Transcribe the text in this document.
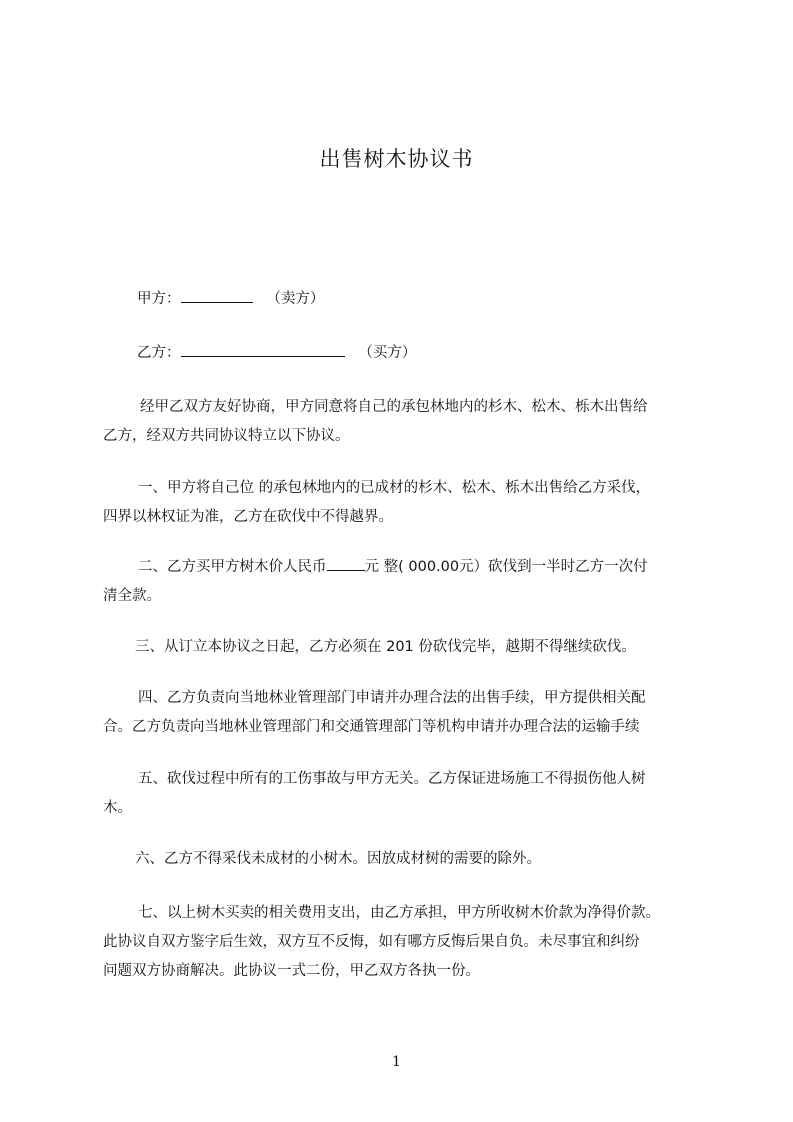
出售树木协议书
甲方：	（卖方）
乙方：	（买方）

经甲乙双方友好协商，甲方同意将自己的承包林地内的杉木、松木、栎木出售给

乙方，经双方共同协议特立以下协议。

一、甲方将自己位 的承包林地内的已成材的杉木、松木、栎木出售给乙方采伐，

四界以林权证为准，乙方在砍伐中不得越界。

二、乙方买甲方树木价人民币	元 整( 000.00元）砍伐到一半时乙方一次付

清全款。

三、从订立本协议之日起，乙方必须在 201 份砍伐完毕，越期不得继续砍伐。

四、乙方负责向当地林业管理部门申请并办理合法的出售手续，甲方提供相关配

合。乙方负责向当地林业管理部门和交通管理部门等机构申请并办理合法的运输手续

五、砍伐过程中所有的工伤事故与甲方无关。乙方保证进场施工不得损伤他人树

木。

六、乙方不得采伐未成材的小树木。因放成材树的需要的除外。

七、以上树木买卖的相关费用支出，由乙方承担，甲方所收树木价款为净得价款。

此协议自双方鉴字后生效，双方互不反悔，如有哪方反悔后果自负。未尽事宜和纠纷

问题双方协商解决。此协议一式二份，甲乙双方各执一份。

1
